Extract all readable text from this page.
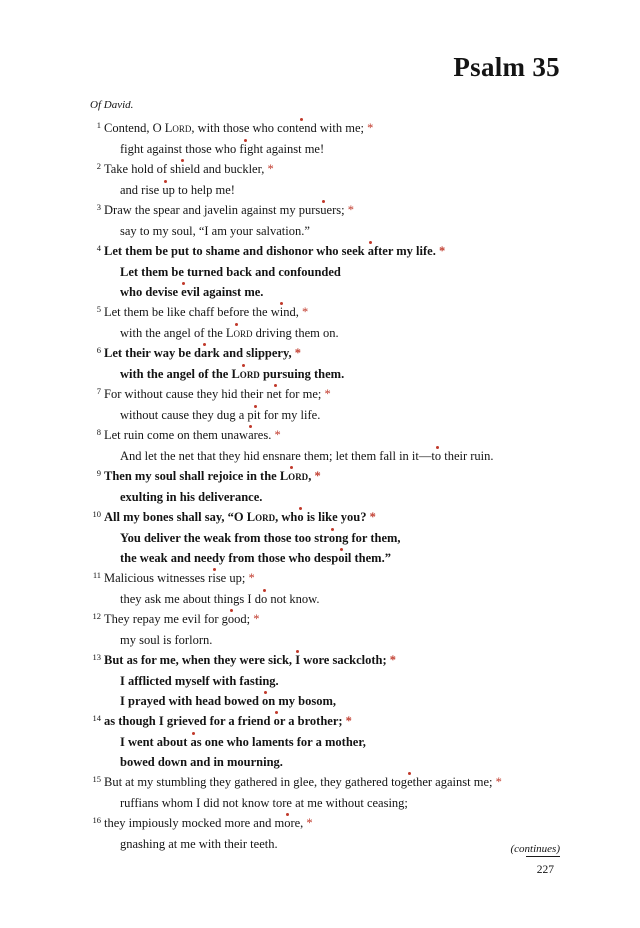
Psalm 35
Of David.
1 Contend, O Lord, with those who contend with me; *
fight against those who fight against me!
2 Take hold of shield and buckler, *
and rise up to help me!
3 Draw the spear and javelin against my pursuers; *
say to my soul, “I am your salvation.”
4 Let them be put to shame and dishonor who seek after my life. *
Let them be turned back and confounded
who devise evil against me.
5 Let them be like chaff before the wind, *
with the angel of the Lord driving them on.
6 Let their way be dark and slippery, *
with the angel of the Lord pursuing them.
7 For without cause they hid their net for me; *
without cause they dug a pit for my life.
8 Let ruin come on them unawares. *
And let the net that they hid ensnare them; let them fall in it—to their ruin.
9 Then my soul shall rejoice in the Lord, *
exulting in his deliverance.
10 All my bones shall say, “O Lord, who is like you? *
You deliver the weak from those too strong for them,
the weak and needy from those who despoil them.”
11 Malicious witnesses rise up; *
they ask me about things I do not know.
12 They repay me evil for good; *
my soul is forlorn.
13 But as for me, when they were sick, I wore sackcloth; *
I afflicted myself with fasting.
I prayed with head bowed on my bosom,
14 as though I grieved for a friend or a brother; *
I went about as one who laments for a mother,
bowed down and in mourning.
15 But at my stumbling they gathered in glee, they gathered together against me; *
ruffians whom I did not know tore at me without ceasing;
16 they impiously mocked more and more, *
gnashing at me with their teeth.	(continues)
227
